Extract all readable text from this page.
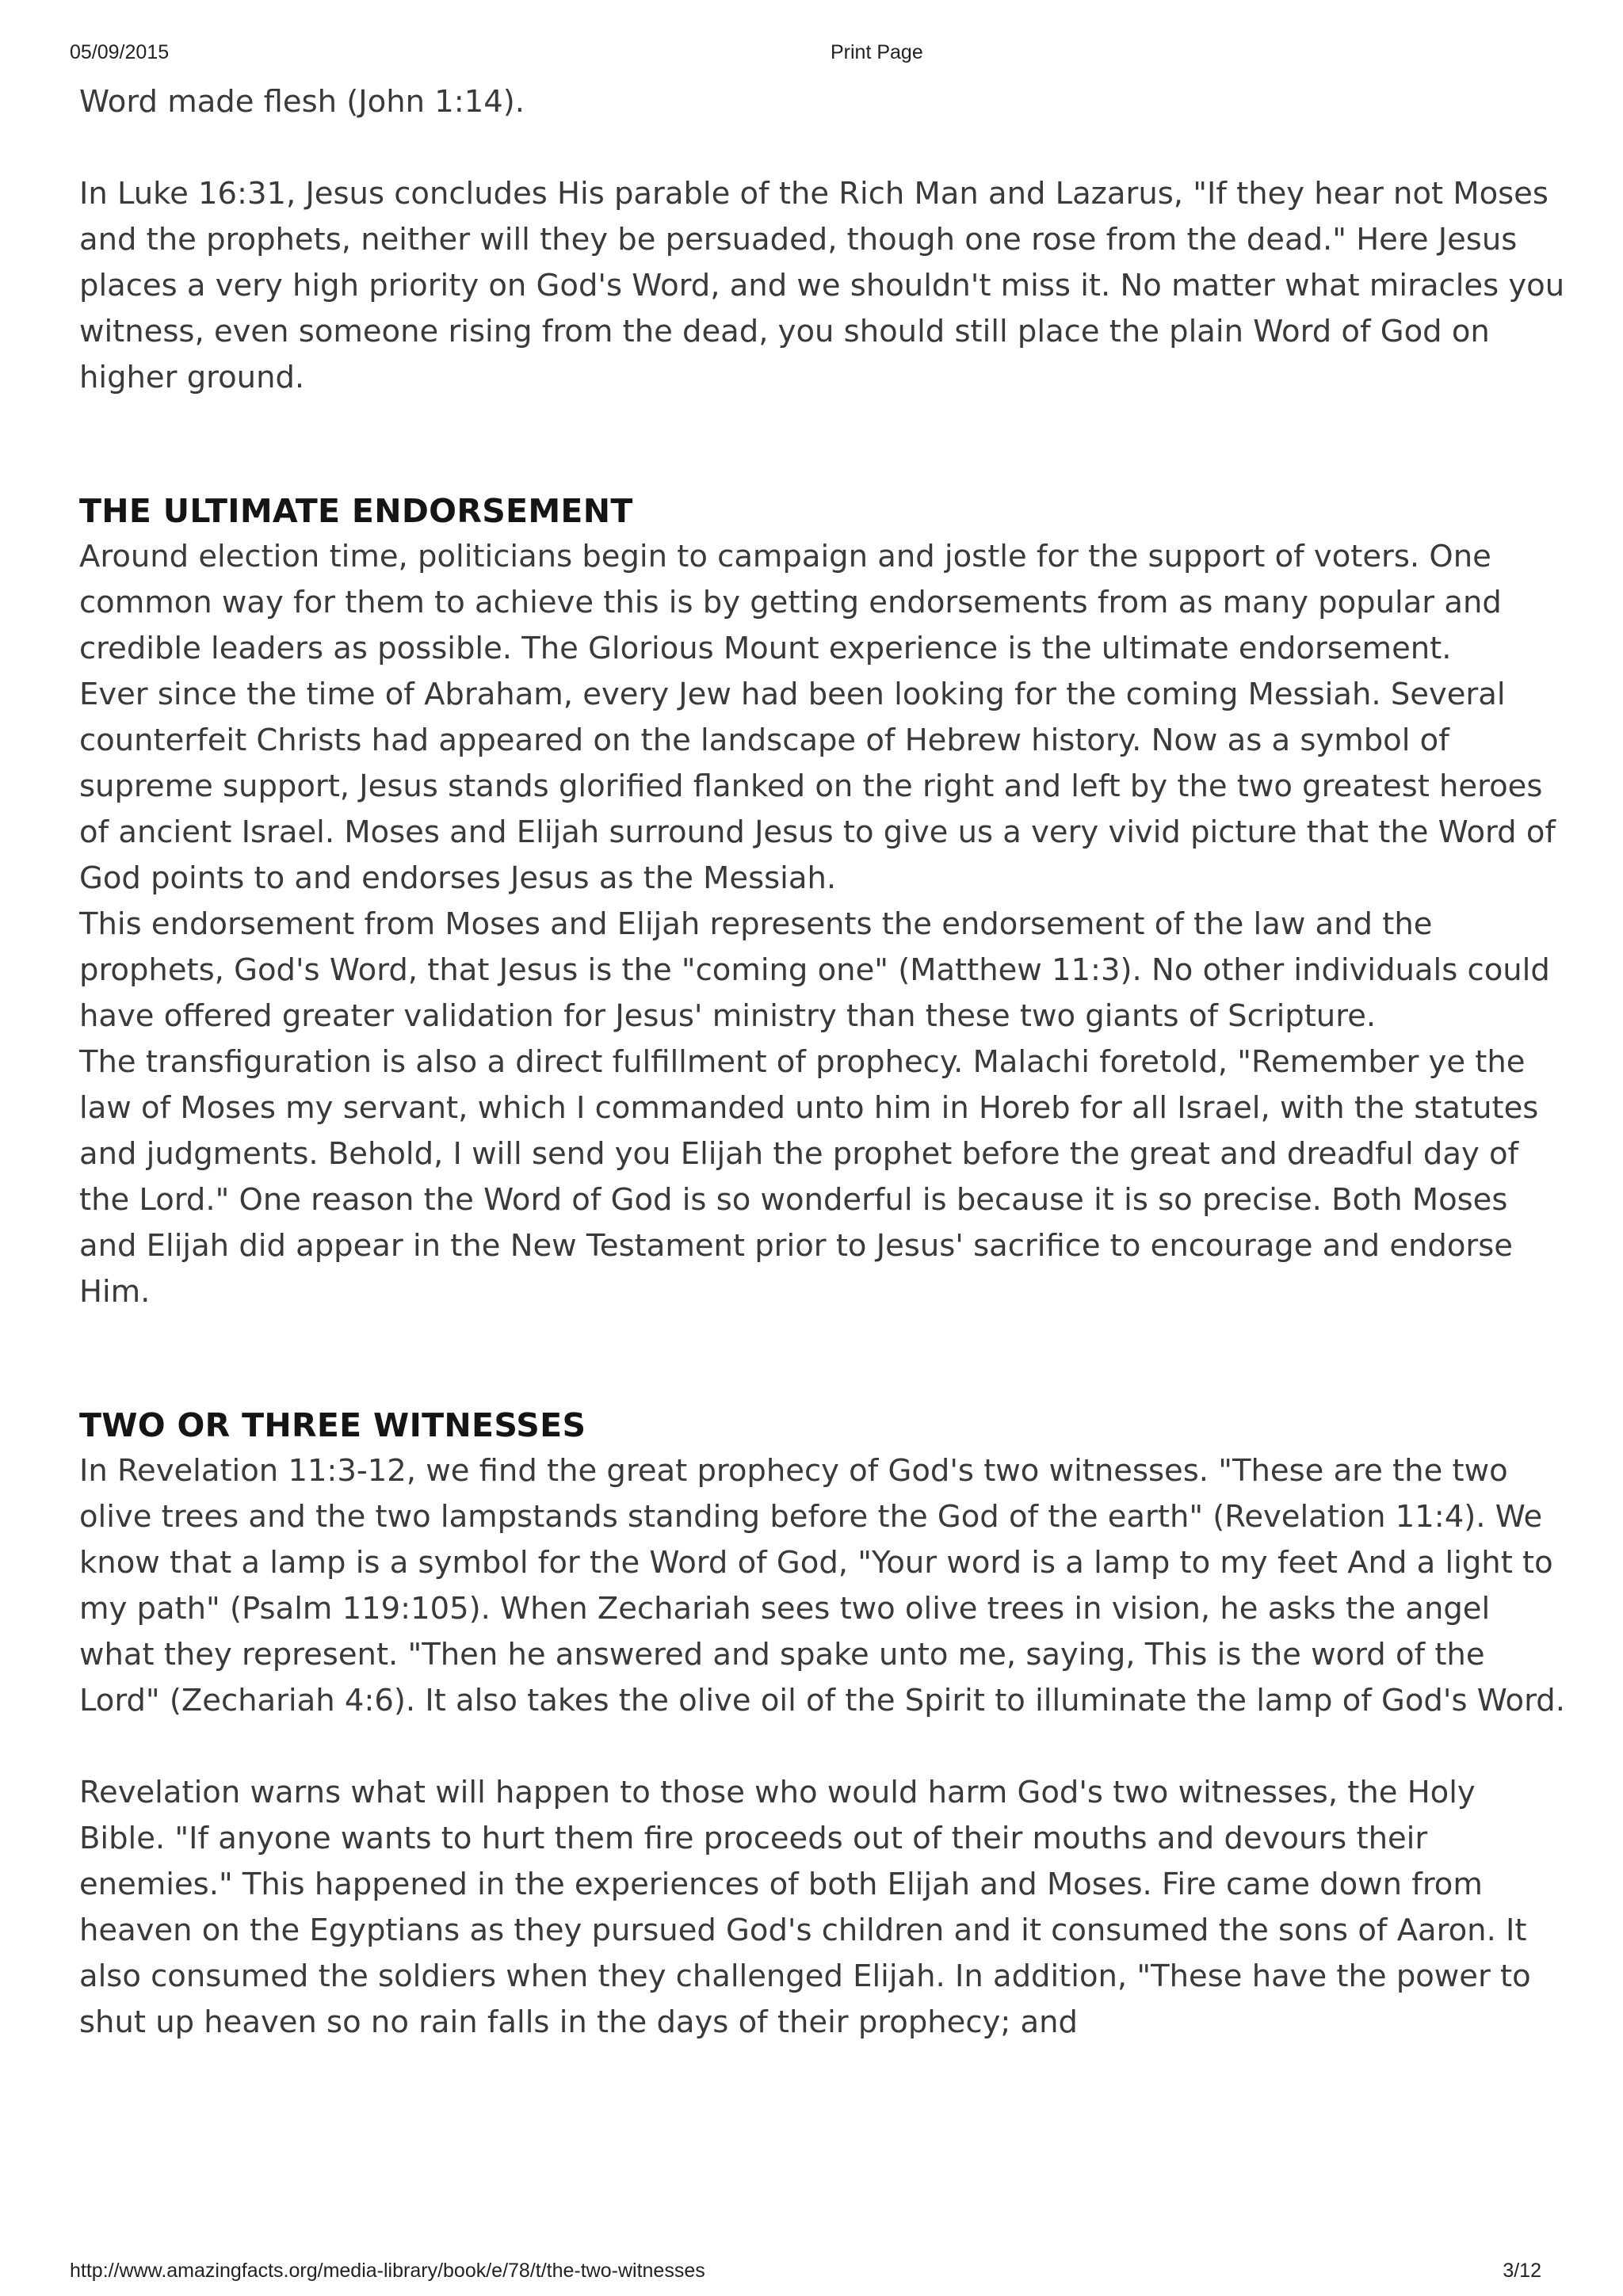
05/09/2015	Print Page

Word made flesh (John 1:14).

In Luke 16:31, Jesus concludes His parable of the Rich Man and Lazarus, "If they hear not Moses and the prophets, neither will they be persuaded, though one rose from the dead." Here Jesus places a very high priority on God's Word, and we shouldn't miss it. No matter what miracles you witness, even someone rising from the dead, you should still place the plain Word of God on higher ground.

THE ULTIMATE ENDORSEMENT

Around election time, politicians begin to campaign and jostle for the support of voters. One common way for them to achieve this is by getting endorsements from as many popular and credible leaders as possible. The Glorious Mount experience is the ultimate endorsement.

Ever since the time of Abraham, every Jew had been looking for the coming Messiah. Several counterfeit Christs had appeared on the landscape of Hebrew history. Now as a symbol of supreme support, Jesus stands glorified flanked on the right and left by the two greatest heroes of ancient Israel. Moses and Elijah surround Jesus to give us a very vivid picture that the Word of God points to and endorses Jesus as the Messiah.

This endorsement from Moses and Elijah represents the endorsement of the law and the prophets, God's Word, that Jesus is the "coming one" (Matthew 11:3). No other individuals could have offered greater validation for Jesus' ministry than these two giants of Scripture.

The transfiguration is also a direct fulfillment of prophecy. Malachi foretold, "Remember ye the law of Moses my servant, which I commanded unto him in Horeb for all Israel, with the statutes and judgments. Behold, I will send you Elijah the prophet before the great and dreadful day of the Lord." One reason the Word of God is so wonderful is because it is so precise. Both Moses and Elijah did appear in the New Testament prior to Jesus' sacrifice to encourage and endorse Him.

TWO OR THREE WITNESSES

In Revelation 11:3-12, we find the great prophecy of God's two witnesses. "These are the two olive trees and the two lampstands standing before the God of the earth" (Revelation 11:4). We know that a lamp is a symbol for the Word of God, "Your word is a lamp to my feet And a light to my path" (Psalm 119:105). When Zechariah sees two olive trees in vision, he asks the angel what they represent. "Then he answered and spake unto me, saying, This is the word of the Lord" (Zechariah 4:6). It also takes the olive oil of the Spirit to illuminate the lamp of God's Word.

Revelation warns what will happen to those who would harm God's two witnesses, the Holy Bible. "If anyone wants to hurt them fire proceeds out of their mouths and devours their enemies." This happened in the experiences of both Elijah and Moses. Fire came down from heaven on the Egyptians as they pursued God's children and it consumed the sons of Aaron. It also consumed the soldiers when they challenged Elijah. In addition, "These have the power to shut up heaven so no rain falls in the days of their prophecy; and

http://www.amazingfacts.org/media-library/book/e/78/t/the-two-witnesses	3/12
